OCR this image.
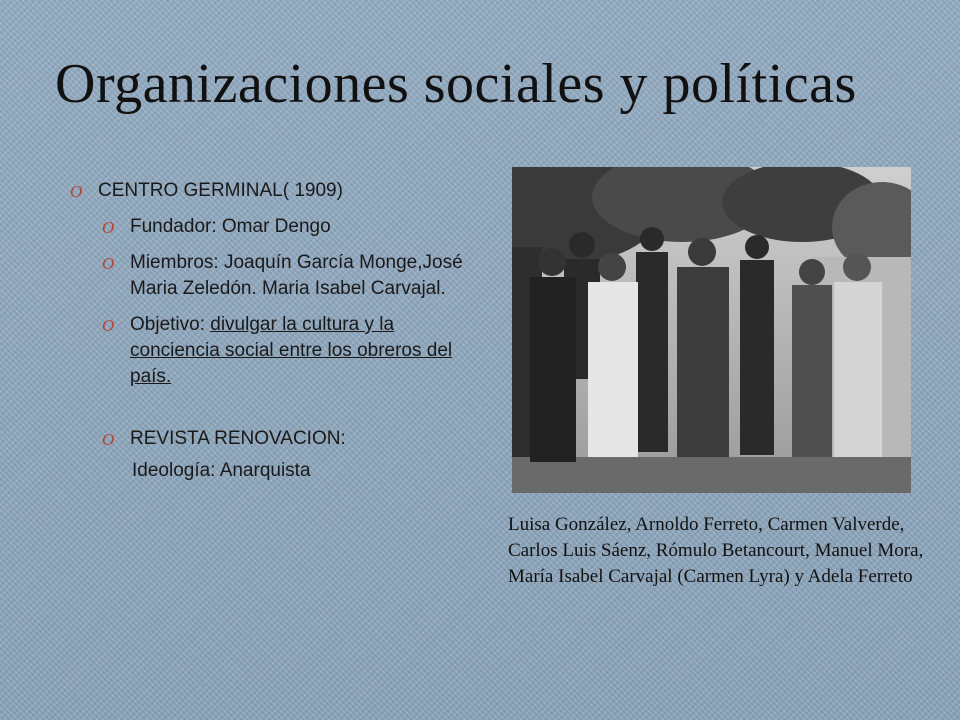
Organizaciones sociales y políticas
O CENTRO GERMINAL( 1909)
O Fundador: Omar Dengo
O Miembros: Joaquín García Monge,José Maria Zeledón. Maria Isabel Carvajal.
O Objetivo: divulgar la cultura y la conciencia social entre los obreros del país.
O REVISTA RENOVACION:
Ideología: Anarquista
Luisa González, Arnoldo Ferreto, Carmen Valverde, Carlos Luis Sáenz, Rómulo Betancourt, Manuel Mora, María Isabel Carvajal (Carmen Lyra) y Adela Ferreto
